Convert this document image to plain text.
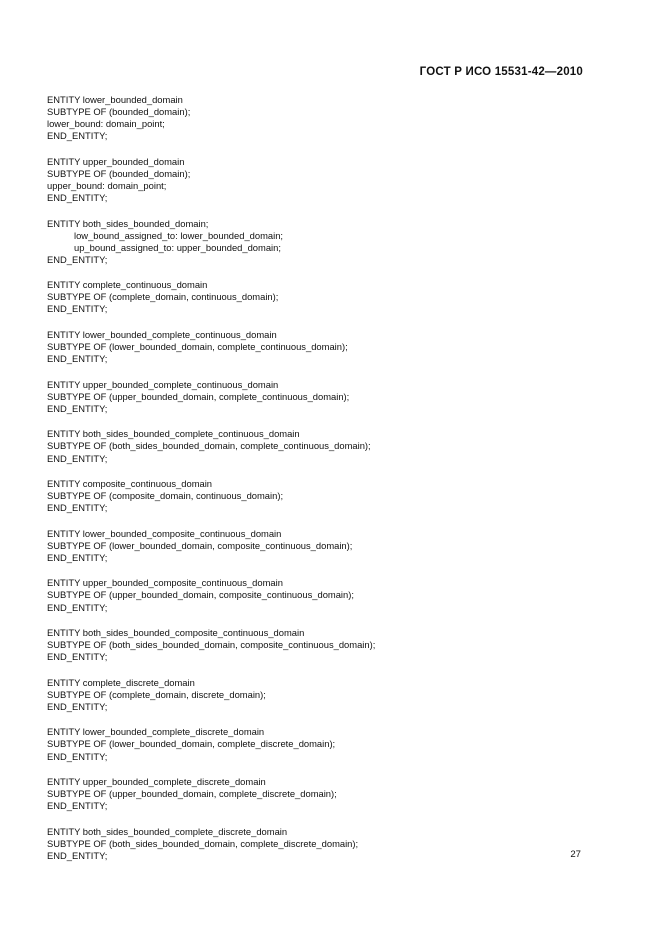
ГОСТ Р ИСО 15531-42—2010
ENTITY lower_bounded_domain
SUBTYPE OF (bounded_domain);
lower_bound: domain_point;
END_ENTITY;
ENTITY upper_bounded_domain
SUBTYPE OF (bounded_domain);
upper_bound: domain_point;
END_ENTITY;
ENTITY both_sides_bounded_domain;
low_bound_assigned_to: lower_bounded_domain;
up_bound_assigned_to: upper_bounded_domain;
END_ENTITY;
ENTITY complete_continuous_domain
SUBTYPE OF (complete_domain, continuous_domain);
END_ENTITY;
ENTITY lower_bounded_complete_continuous_domain
SUBTYPE OF (lower_bounded_domain, complete_continuous_domain);
END_ENTITY;
ENTITY upper_bounded_complete_continuous_domain
SUBTYPE OF (upper_bounded_domain, complete_continuous_domain);
END_ENTITY;
ENTITY both_sides_bounded_complete_continuous_domain
SUBTYPE OF (both_sides_bounded_domain, complete_continuous_domain);
END_ENTITY;
ENTITY composite_continuous_domain
SUBTYPE OF (composite_domain, continuous_domain);
END_ENTITY;
ENTITY lower_bounded_composite_continuous_domain
SUBTYPE OF (lower_bounded_domain, composite_continuous_domain);
END_ENTITY;
ENTITY upper_bounded_composite_continuous_domain
SUBTYPE OF (upper_bounded_domain, composite_continuous_domain);
END_ENTITY;
ENTITY both_sides_bounded_composite_continuous_domain
SUBTYPE OF (both_sides_bounded_domain, composite_continuous_domain);
END_ENTITY;
ENTITY complete_discrete_domain
SUBTYPE OF (complete_domain, discrete_domain);
END_ENTITY;
ENTITY lower_bounded_complete_discrete_domain
SUBTYPE OF (lower_bounded_domain, complete_discrete_domain);
END_ENTITY;
ENTITY upper_bounded_complete_discrete_domain
SUBTYPE OF (upper_bounded_domain, complete_discrete_domain);
END_ENTITY;
ENTITY both_sides_bounded_complete_discrete_domain
SUBTYPE OF (both_sides_bounded_domain, complete_discrete_domain);
END_ENTITY;	27
